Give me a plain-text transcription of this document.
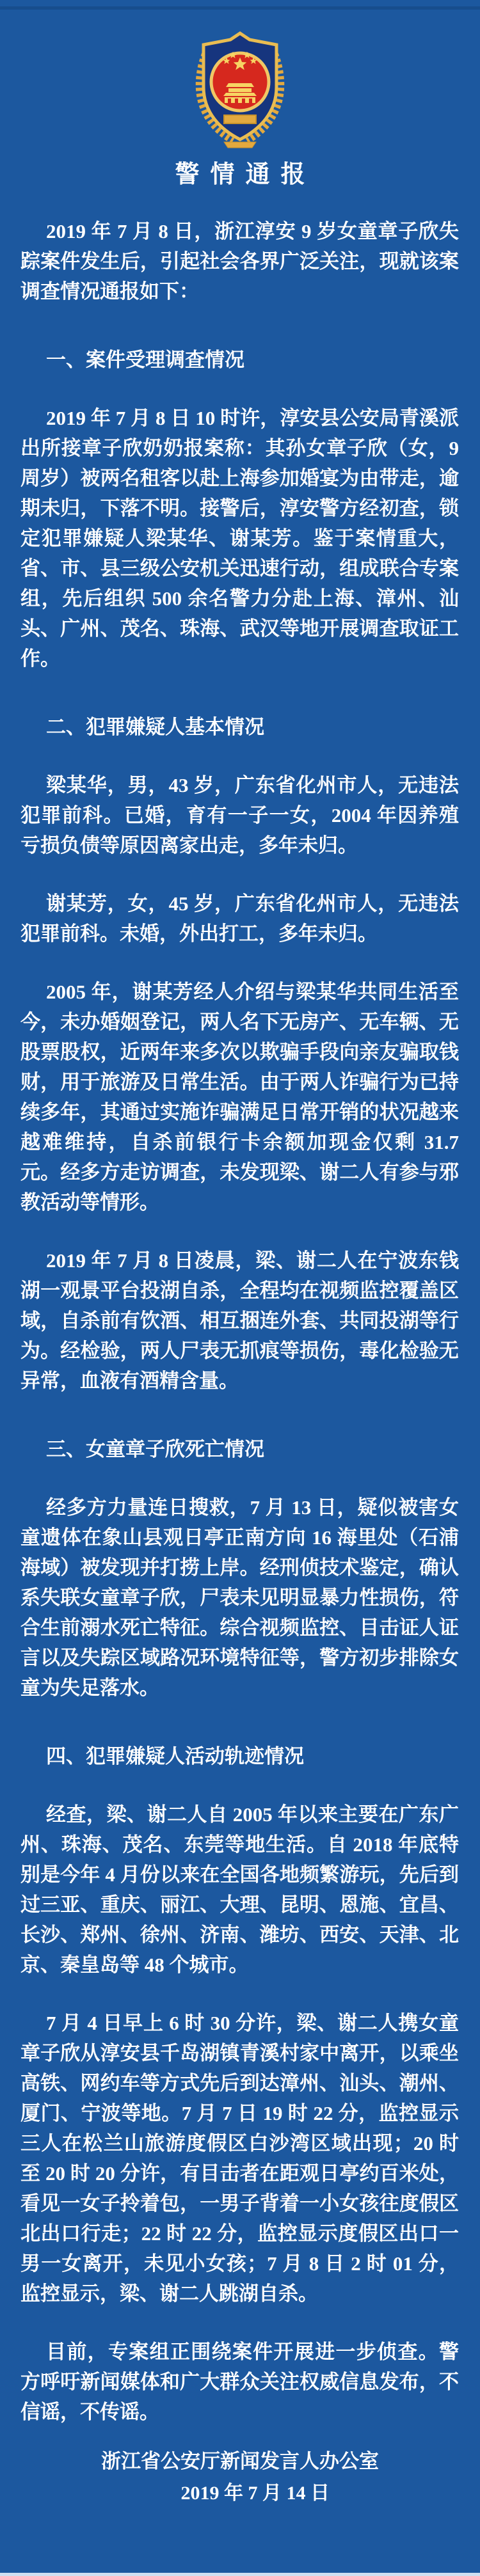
警情通报

2019 年 7 月 8 日，浙江淳安 9 岁女童章子欣失踪案件发生后，引起社会各界广泛关注，现就该案调查情况通报如下：

一、案件受理调查情况

2019 年 7 月 8 日 10 时许，淳安县公安局青溪派出所接章子欣奶奶报案称：其孙女章子欣（女，9 周岁）被两名租客以赴上海参加婚宴为由带走，逾期未归，下落不明。接警后，淳安警方经初查，锁定犯罪嫌疑人梁某华、谢某芳。鉴于案情重大，省、市、县三级公安机关迅速行动，组成联合专案组，先后组织 500 余名警力分赴上海、漳州、汕头、广州、茂名、珠海、武汉等地开展调查取证工作。

二、犯罪嫌疑人基本情况

梁某华，男，43 岁，广东省化州市人，无违法犯罪前科。已婚，育有一子一女，2004 年因养殖亏损负债等原因离家出走，多年未归。

谢某芳，女，45 岁，广东省化州市人，无违法犯罪前科。未婚，外出打工，多年未归。

2005 年，谢某芳经人介绍与梁某华共同生活至今，未办婚姻登记，两人名下无房产、无车辆、无股票股权，近两年来多次以欺骗手段向亲友骗取钱财，用于旅游及日常生活。由于两人诈骗行为已持续多年，其通过实施诈骗满足日常开销的状况越来越难维持，自杀前银行卡余额加现金仅剩 31.7 元。经多方走访调查，未发现梁、谢二人有参与邪教活动等情形。

2019 年 7 月 8 日凌晨，梁、谢二人在宁波东钱湖一观景平台投湖自杀，全程均在视频监控覆盖区域，自杀前有饮酒、相互捆连外套、共同投湖等行为。经检验，两人尸表无抓痕等损伤，毒化检验无异常，血液有酒精含量。

三、女童章子欣死亡情况

经多方力量连日搜救，7 月 13 日，疑似被害女童遗体在象山县观日亭正南方向 16 海里处（石浦海域）被发现并打捞上岸。经刑侦技术鉴定，确认系失联女童章子欣，尸表未见明显暴力性损伤，符合生前溺水死亡特征。综合视频监控、目击证人证言以及失踪区域路况环境特征等，警方初步排除女童为失足落水。

四、犯罪嫌疑人活动轨迹情况

经查，梁、谢二人自 2005 年以来主要在广东广州、珠海、茂名、东莞等地生活。自 2018 年底特别是今年 4 月份以来在全国各地频繁游玩，先后到过三亚、重庆、丽江、大理、昆明、恩施、宜昌、长沙、郑州、徐州、济南、潍坊、西安、天津、北京、秦皇岛等 48 个城市。

7 月 4 日早上 6 时 30 分许，梁、谢二人携女童章子欣从淳安县千岛湖镇青溪村家中离开，以乘坐高铁、网约车等方式先后到达漳州、汕头、潮州、厦门、宁波等地。7 月 7 日 19 时 22 分，监控显示三人在松兰山旅游度假区白沙湾区域出现；20 时至 20 时 20 分许，有目击者在距观日亭约百米处，看见一女子拎着包，一男子背着一小女孩往度假区北出口行走；22 时 22 分，监控显示度假区出口一男一女离开，未见小女孩；7 月 8 日 2 时 01 分，监控显示，梁、谢二人跳湖自杀。

目前，专案组正围绕案件开展进一步侦查。警方呼吁新闻媒体和广大群众关注权威信息发布，不信谣，不传谣。

浙江省公安厅新闻发言人办公室
2019 年 7 月 14 日
